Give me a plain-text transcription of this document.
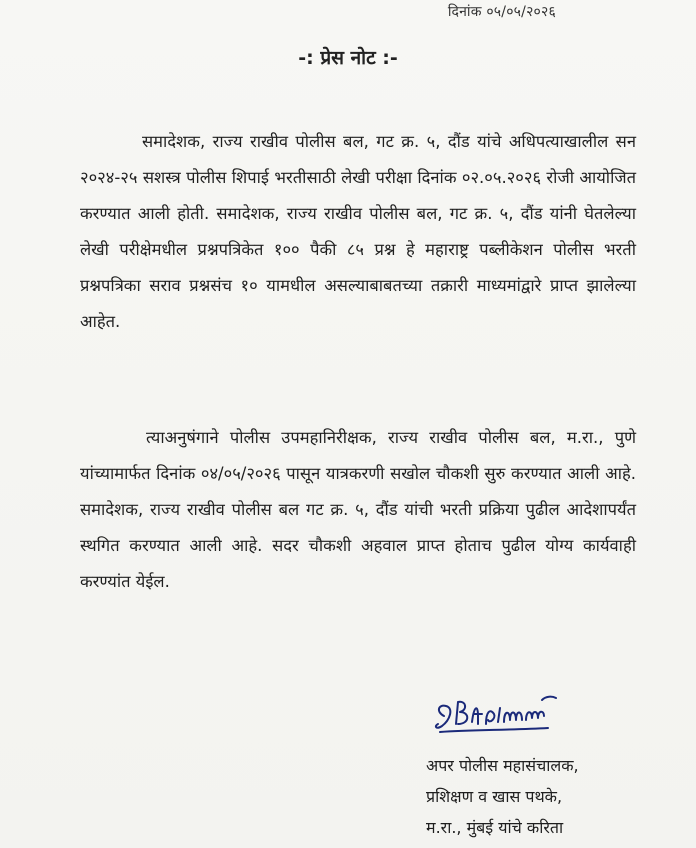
दिनांक ०५/०५/२०२६
-: प्रेस नोट :-

समादेशक, राज्य राखीव पोलीस बल, गट क्र. ५, दौंड यांचे अधिपत्याखालील सन २०२४-२५ सशस्त्र पोलीस शिपाई भरतीसाठी लेखी परीक्षा दिनांक ०२.०५.२०२६ रोजी आयोजित करण्यात आली होती. समादेशक, राज्य राखीव पोलीस बल, गट क्र. ५, दौंड यांनी घेतलेल्या लेखी परीक्षेमधील प्रश्नपत्रिकेत १०० पैकी ८५ प्रश्न हे महाराष्ट्र पब्लीकेशन पोलीस भरती प्रश्नपत्रिका सराव प्रश्नसंच १० यामधील असल्याबाबतच्या तक्रारी माध्यमांद्वारे प्राप्त झालेल्या आहेत.

त्याअनुषंगाने पोलीस उपमहानिरीक्षक, राज्य राखीव पोलीस बल, म.रा., पुणे यांच्यामार्फत दिनांक ०४/०५/२०२६ पासून यात्रकरणी सखोल चौकशी सुरु करण्यात आली आहे. समादेशक, राज्य राखीव पोलीस बल गट क्र. ५, दौंड यांची भरती प्रक्रिया पुढील आदेशापर्यंत स्थगित करण्यात आली आहे. सदर चौकशी अहवाल प्राप्त होताच पुढील योग्य कार्यवाही करण्यांत येईल.

अपर पोलीस महासंचालक,
प्रशिक्षण व खास पथके,
म.रा., मुंबई यांचे करिता
